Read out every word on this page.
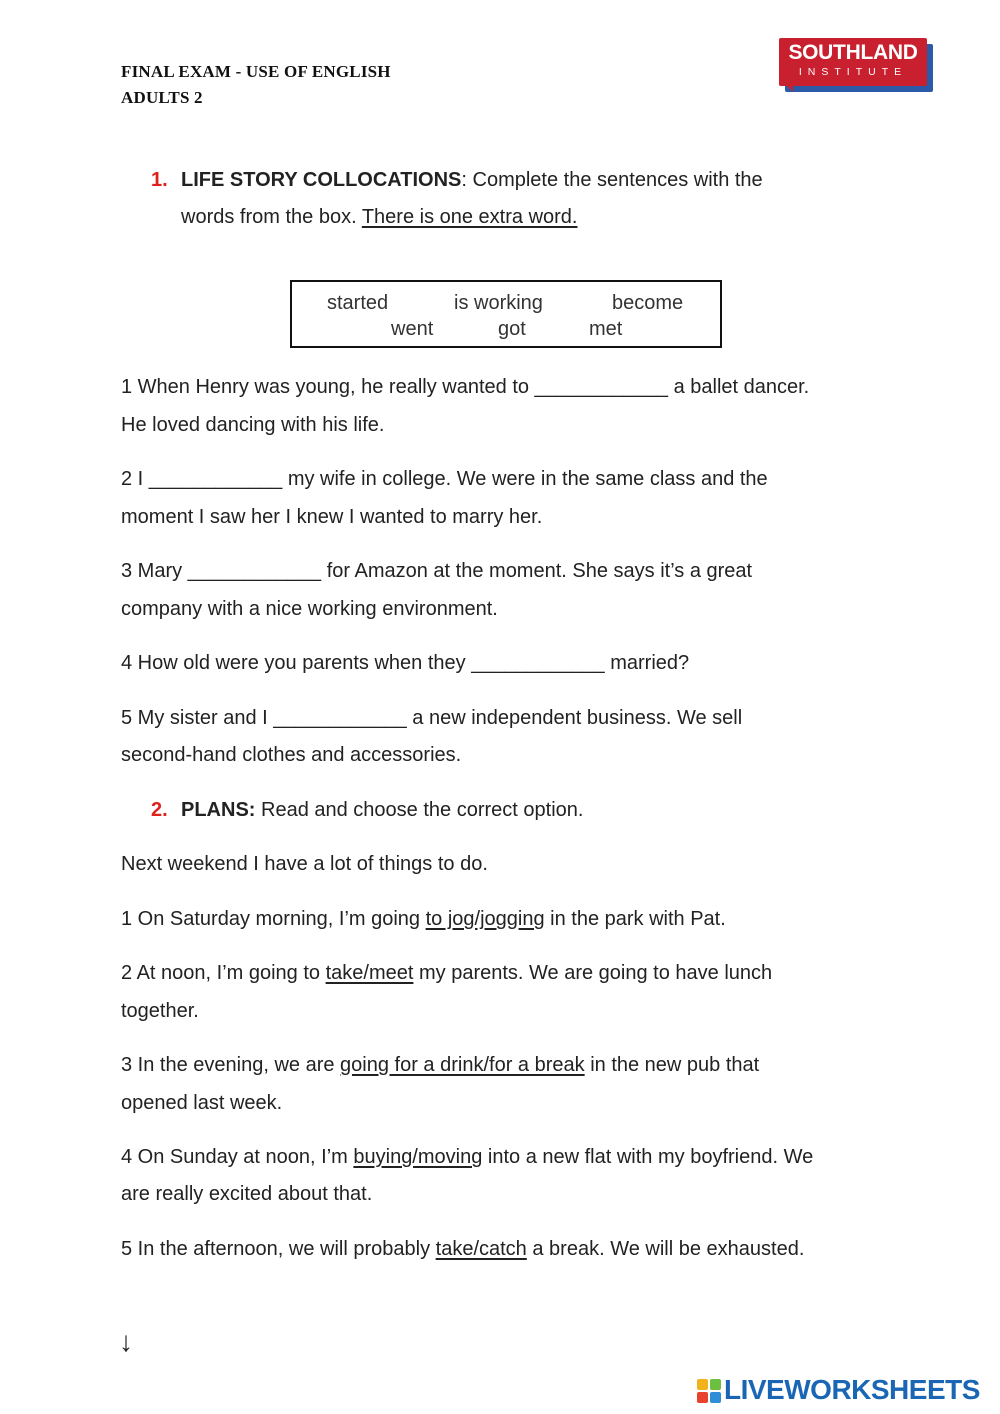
FINAL EXAM - USE OF ENGLISH
ADULTS 2
SOUTHLAND
INSTITUTE
1. LIFE STORY COLLOCATIONS: Complete the sentences with the
words from the box. There is one extra word.
started	is working	become
went	got	met
1 When Henry was young, he really wanted to ____________ a ballet dancer.
He loved dancing with his life.
2 I ____________ my wife in college. We were in the same class and the
moment I saw her I knew I wanted to marry her.
3 Mary ____________ for Amazon at the moment. She says it’s a great
company with a nice working environment.
4 How old were you parents when they ____________ married?
5 My sister and I ____________ a new independent business. We sell
second-hand clothes and accessories.
2. PLANS: Read and choose the correct option.
Next weekend I have a lot of things to do.
1 On Saturday morning, I’m going to jog/jogging in the park with Pat.
2 At noon, I’m going to take/meet my parents. We are going to have lunch
together.
3 In the evening, we are going for a drink/for a break in the new pub that
opened last week.
4 On Sunday at noon, I’m buying/moving into a new flat with my boyfriend. We
are really excited about that.
5 In the afternoon, we will probably take/catch a break. We will be exhausted.
↓
LIVEWORKSHEETS
